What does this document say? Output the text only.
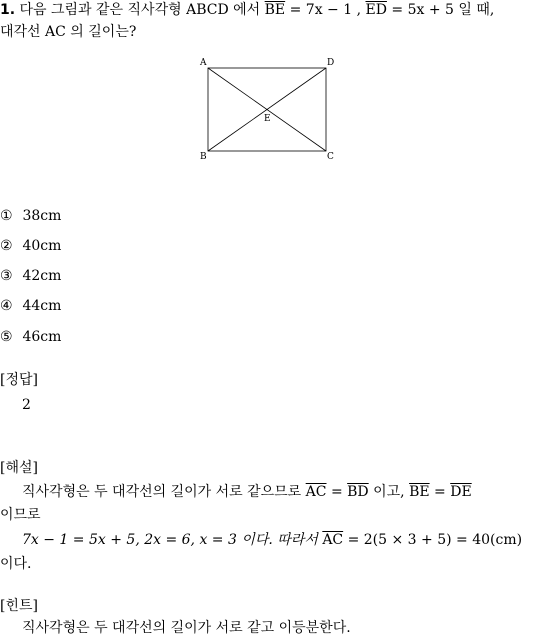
1. 다음 그림과 같은 직사각형 ABCD 에서 $\overline{BE} = 7x - 1$ , $\overline{ED} = 5x + 5$ 일 때,
대각선 AC 의 길이는?
A	D
B	C
E
① 38cm
② 40cm
③ 42cm
④ 44cm
⑤ 46cm
[정답]
2
[해설]
직사각형은 두 대각선의 길이가 서로 같으므로 $\overline{AC} = \overline{BD}$ 이고, $\overline{BE} = \overline{DE}$
이므로
7x − 1 = 5x + 5, 2x = 6, x = 3 이다. 따라서 $\overline{AC} = 2(5 \times 3 + 5) = 40(cm)$
이다.
[힌트]
직사각형은 두 대각선의 길이가 서로 같고 이등분한다.
